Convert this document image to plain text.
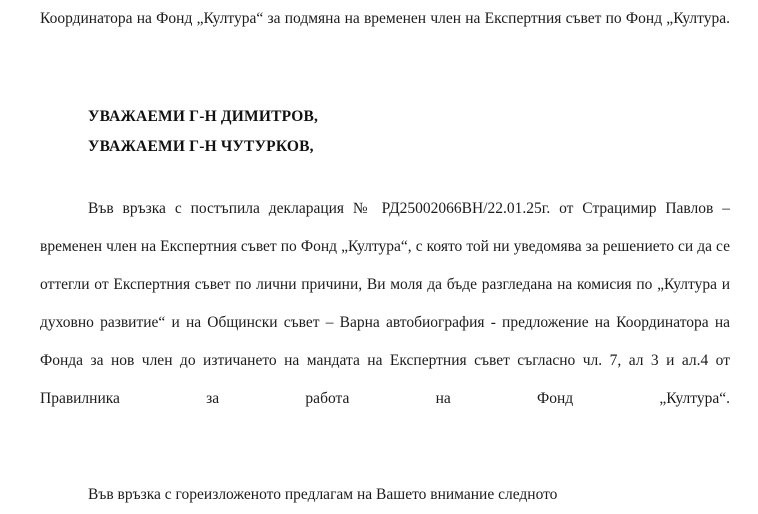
Координатора на Фонд „Култура“ за подмяна на временен член на Експертния съвет по Фонд „Култура.

УВАЖАЕМИ Г-Н ДИМИТРОВ,

УВАЖАЕМИ Г-Н ЧУТУРКОВ,

Във връзка с постъпила декларация № РД25002066ВН/22.01.25г. от Страцимир Павлов – временен член на Експертния съвет по Фонд „Култура“, с която той ни уведомява за решението си да се оттегли от Експертния съвет по лични причини, Ви моля да бъде разгледана на комисия по „Култура и духовно развитие“ и на Общински съвет – Варна автобиография - предложение на Координатора на Фонда за нов член до изтичането на мандата на Експертния съвет съгласно чл. 7, ал 3 и ал.4 от Правилника за работа на Фонд „Култура“.

Във връзка с гореизложеното предлагам на Вашето внимание следното
